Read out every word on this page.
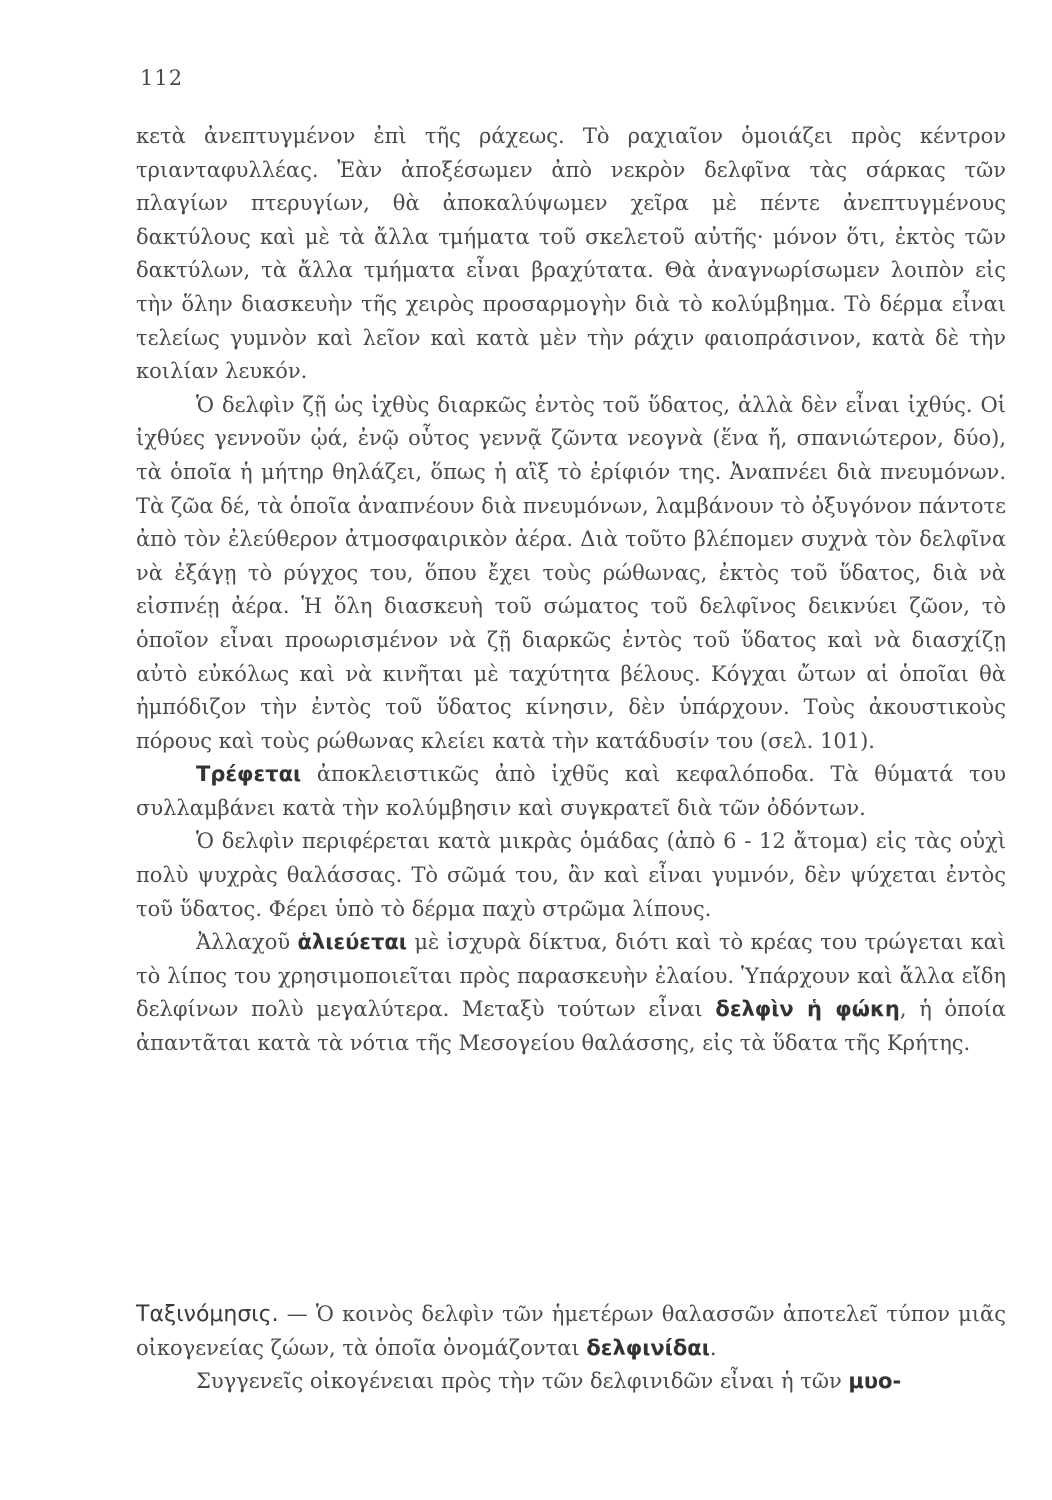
112

κετὰ ἀνεπτυγμένον ἐπὶ τῆς ράχεως. Τὸ ραχιαῖον ὁμοιάζει πρὸς κέντρον τριανταφυλλέας. Ἐὰν ἀποξέσωμεν ἀπὸ νεκρὸν δελφῖνα τὰς σάρκας τῶν πλαγίων πτερυγίων, θὰ ἀποκαλύψωμεν χεῖρα μὲ πέντε ἀνεπτυγμένους δακτύλους καὶ μὲ τὰ ἄλλα τμήματα τοῦ σκελετοῦ αὐτῆς· μόνον ὅτι, ἐκτὸς τῶν δακτύλων, τὰ ἄλλα τμήματα εἶναι βραχύτατα. Θὰ ἀναγνωρίσωμεν λοιπὸν εἰς τὴν ὅλην διασκευὴν τῆς χειρὸς προσαρμογὴν διὰ τὸ κολύμβημα. Τὸ δέρμα εἶναι τελείως γυμνὸν καὶ λεῖον καὶ κατὰ μὲν τὴν ράχιν φαιοπράσινον, κατὰ δὲ τὴν κοιλίαν λευκόν.

Ὁ δελφὶν ζῇ ὡς ἰχθὺς διαρκῶς ἐντὸς τοῦ ὕδατος, ἀλλὰ δὲν εἶναι ἰχθύς. Οἱ ἰχθύες γεννοῦν ᾠά, ἐνῷ οὗτος γεννᾷ ζῶντα νεογνὰ (ἕνα ἤ, σπανιώτερον, δύο), τὰ ὁποῖα ἡ μήτηρ θηλάζει, ὅπως ἡ αἲξ τὸ ἐρίφιόν της. Ἀναπνέει διὰ πνευμόνων. Τὰ ζῶα δέ, τὰ ὁποῖα ἀναπνέουν διὰ πνευμόνων, λαμβάνουν τὸ ὀξυγόνον πάντοτε ἀπὸ τὸν ἐλεύθερον ἀτμοσφαιρικὸν ἀέρα. Διὰ τοῦτο βλέπομεν συχνὰ τὸν δελφῖνα νὰ ἐξάγῃ τὸ ρύγχος του, ὅπου ἔχει τοὺς ρώθωνας, ἐκτὸς τοῦ ὕδατος, διὰ νὰ εἰσπνέῃ ἀέρα. Ἡ ὅλη διασκευὴ τοῦ σώματος τοῦ δελφῖνος δεικνύει ζῶον, τὸ ὁποῖον εἶναι προωρισμένον νὰ ζῇ διαρκῶς ἐντὸς τοῦ ὕδατος καὶ νὰ διασχίζῃ αὐτὸ εὐκόλως καὶ νὰ κινῆται μὲ ταχύτητα βέλους. Κόγχαι ὤτων αἱ ὁποῖαι θὰ ἠμπόδιζον τὴν ἐντὸς τοῦ ὕδατος κίνησιν, δὲν ὑπάρχουν. Τοὺς ἀκουστικοὺς πόρους καὶ τοὺς ρώθωνας κλείει κατὰ τὴν κατάδυσίν του (σελ. 101).

Τρέφεται ἀποκλειστικῶς ἀπὸ ἰχθῦς καὶ κεφαλόποδα. Τὰ θύματά του συλλαμβάνει κατὰ τὴν κολύμβησιν καὶ συγκρατεῖ διὰ τῶν ὀδόντων.

Ὁ δελφὶν περιφέρεται κατὰ μικρὰς ὁμάδας (ἀπὸ 6 - 12 ἄτομα) εἰς τὰς οὐχὶ πολὺ ψυχρὰς θαλάσσας. Τὸ σῶμά του, ἂν καὶ εἶναι γυμνόν, δὲν ψύχεται ἐντὸς τοῦ ὕδατος. Φέρει ὑπὸ τὸ δέρμα παχὺ στρῶμα λίπους.

Ἀλλαχοῦ ἁλιεύεται μὲ ἰσχυρὰ δίκτυα, διότι καὶ τὸ κρέας του τρώγεται καὶ τὸ λίπος του χρησιμοποιεῖται πρὸς παρασκευὴν ἐλαίου. Ὑπάρχουν καὶ ἄλλα εἴδη δελφίνων πολὺ μεγαλύτερα. Μεταξὺ τούτων εἶναι δελφὶν ἡ φώκη, ἡ ὁποία ἀπαντᾶται κατὰ τὰ νότια τῆς Μεσογείου θαλάσσης, εἰς τὰ ὕδατα τῆς Κρήτης.

Ταξινόμησις. — Ὁ κοινὸς δελφὶν τῶν ἡμετέρων θαλασσῶν ἀποτελεῖ τύπον μιᾶς οἰκογενείας ζώων, τὰ ὁποῖα ὀνομάζονται δελφινίδαι.

Συγγενεῖς οἰκογένειαι πρὸς τὴν τῶν δελφινιδῶν εἶναι ἡ τῶν μυο-
